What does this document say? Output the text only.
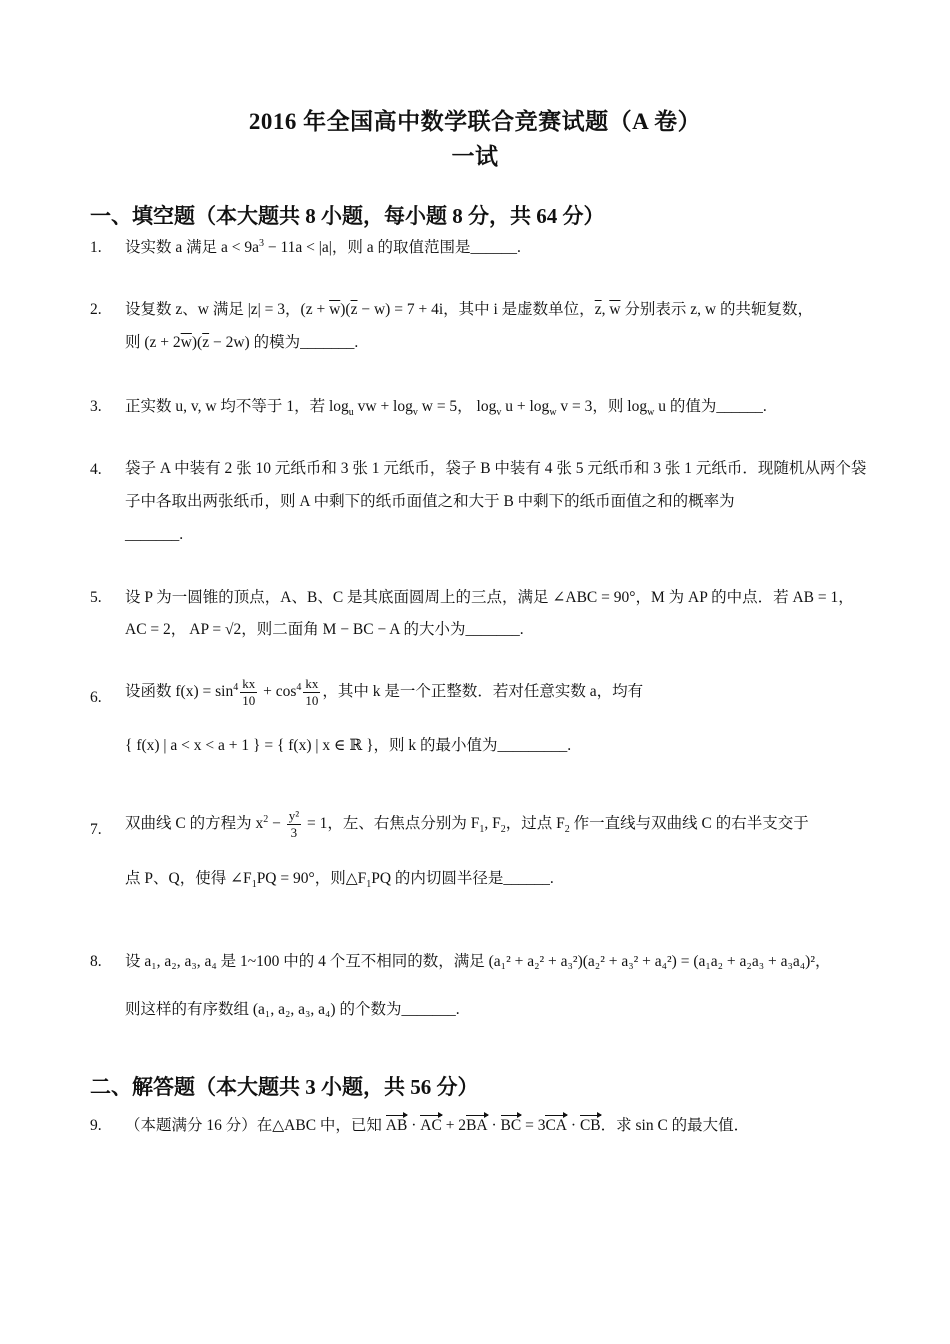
2016 年全国高中数学联合竞赛试题（A 卷）
一试
一、填空题（本大题共 8 小题，每小题 8 分，共 64 分）
1. 设实数 a 满足 $a < 9a^3 - 11a < |a|$，则 a 的取值范围是______.
2. 设复数 z、w 满足 |z| = 3，$(z + \overline{w})(\overline{z} - w) = 7 + 4i$，其中 i 是虚数单位，$\overline{z}$, $\overline{w}$ 分别表示 z, w 的共轭复数，
则 $(z + 2\overline{w})(\overline{z} - 2w)$ 的模为_______.
3. 正实数 u, v, w 均不等于 1，若 $\log_u$ vw + $\log_v w = 5$， $\log_v u + \log_w v = 3$，则 $\log_w u$ 的值为______.
4. 袋子 A 中装有 2 张 10 元纸币和 3 张 1 元纸币，袋子 B 中装有 4 张 5 元纸币和 3 张 1 元纸币．现随机从两个袋子中各取出两张纸币，则 A 中剩下的纸币面值之和大于 B 中剩下的纸币面值之和的概率为
_______.
5. 设 P 为一圆锥的顶点，A、B、C 是其底面圆周上的三点，满足 ∠ABC = 90°，M 为 AP 的中点．若 AB = 1，
AC = 2， AP = √2，则二面角 M − BC − A 的大小为_______.
6. 设函数 $f(x) = \sin^4 \frac{kx}{10} + \cos^4 \frac{kx}{10}$ ，其中 k 是一个正整数．若对任意实数 a，均有
{ f(x) | a < x < a + 1 } = { f(x) | x ∈ ℝ }，则 k 的最小值为_________.
7. 双曲线 C 的方程为 $x^2 - \frac{\text{y²}}{3} = 1$，左、右焦点分别为 $F_1$, $F_2$，过点 $F_2$ 作一直线与双曲线 C 的右半支交于
点 P、Q，使得 $\angle F_1PQ = 90^\circ$，则$\triangle F_1PQ$ 的内切圆半径是______.
8. 设 a₁, a₂, a₃, a₄ 是 1~100 中的 4 个互不相同的数，满足 (a₁² + a₂² + a₃²)(a₂² + a₃² + a₄²) = (a₁a₂ + a₂a₃ + a₃a₄)²，
则这样的有序数组 (a₁, a₂, a₃, a₄) 的个数为_______.
二、解答题（本大题共 3 小题，共 56 分）
9. （本题满分 16 分）在△ABC 中，已知 AB · AC + 2BA · BC = 3CA · CB．求 sin C 的最大值．
